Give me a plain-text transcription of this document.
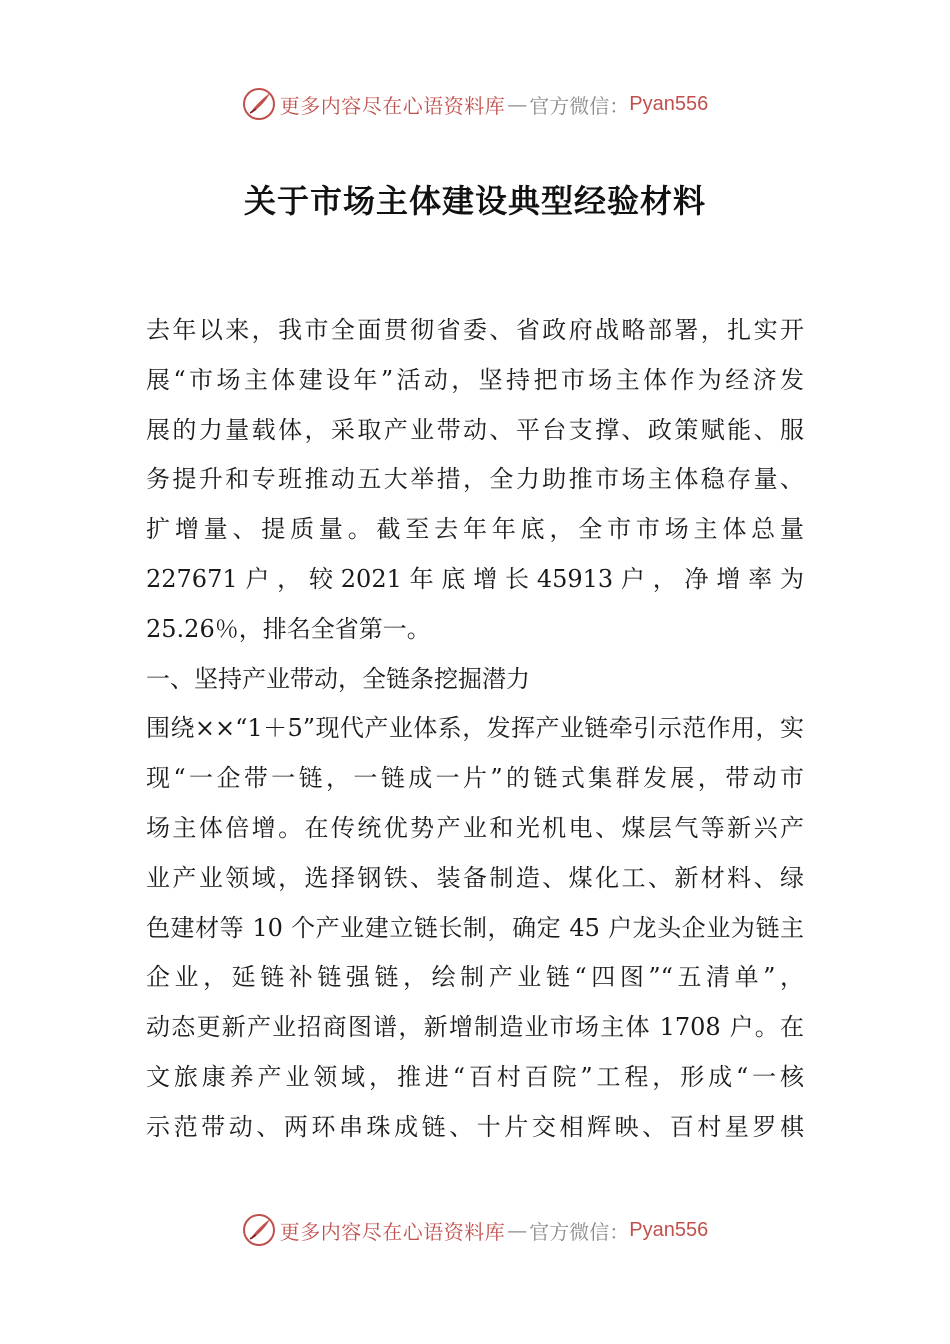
更多内容尽在心语资料库 — 官方微信： Pyan556
关于市场主体建设典型经验材料
去年以来，我市全面贯彻省委、省政府战略部署，扎实开
展“市场主体建设年”活动，坚持把市场主体作为经济发
展的力量载体，采取产业带动、平台支撑、政策赋能、服
务提升和专班推动五大举措，全力助推市场主体稳存量、
扩增量、提质量。截至去年年底，全市市场主体总量
227671 户 ， 较 2021 年 底 增 长 45913 户 ， 净 增 率 为
25.26％，排名全省第一。
一、坚持产业带动，全链条挖掘潜力
围绕××“1＋5”现代产业体系，发挥产业链牵引示范作用，实
现“一企带一链，一链成一片”的链式集群发展，带动市
场主体倍增。在传统优势产业和光机电、煤层气等新兴产
业产业领域，选择钢铁、装备制造、煤化工、新材料、绿
色建材等 10 个产业建立链长制，确定 45 户龙头企业为链主
企业，延链补链强链，绘制产业链“四图”“五清单”，
动态更新产业招商图谱，新增制造业市场主体 1708 户。在
文旅康养产业领域，推进“百村百院”工程，形成“一核
示范带动、两环串珠成链、十片交相辉映、百村星罗棋
更多内容尽在心语资料库 — 官方微信： Pyan556
